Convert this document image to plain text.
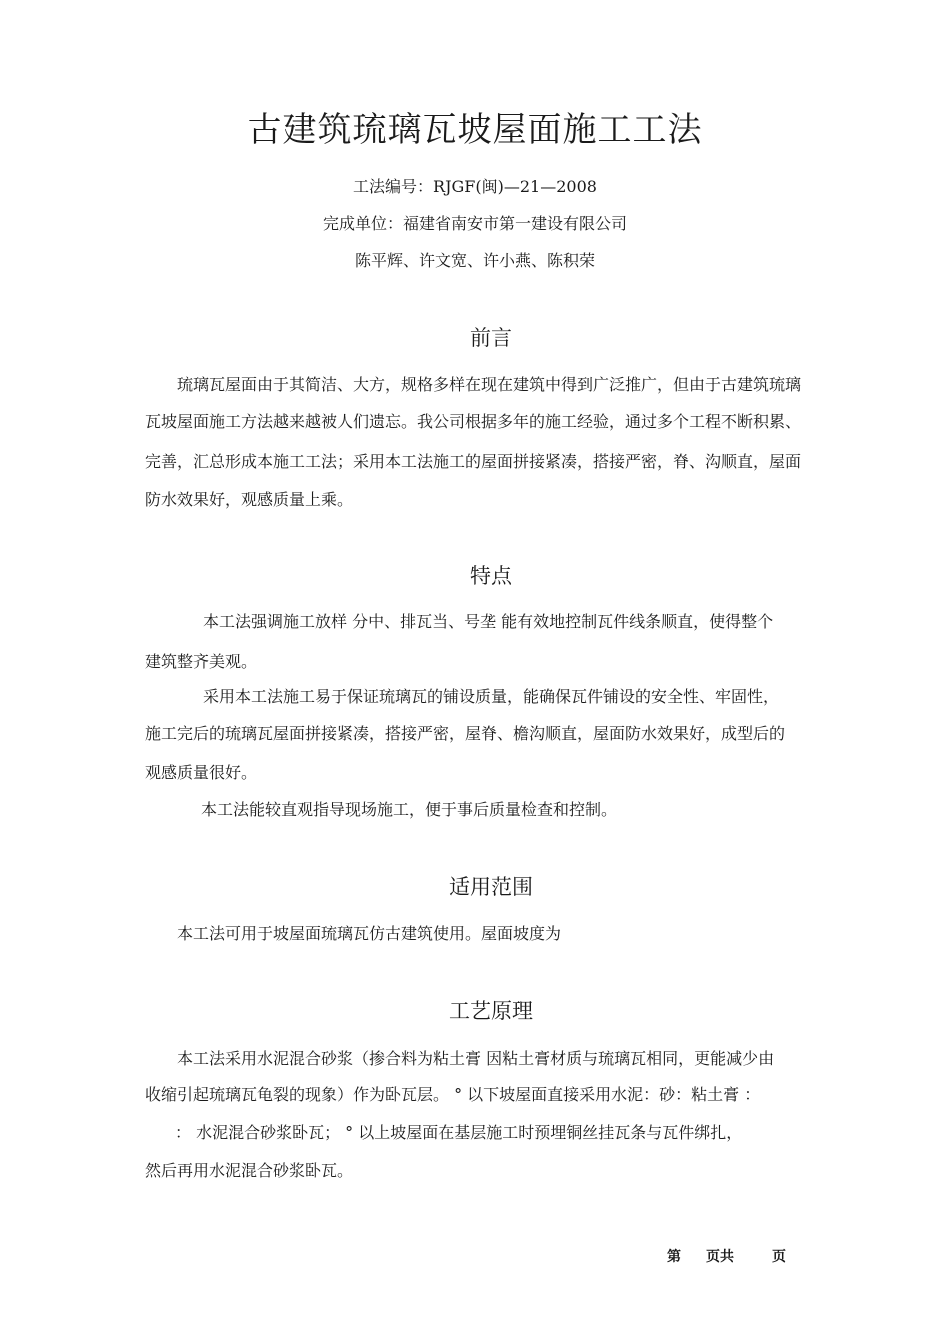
古建筑琉璃瓦坡屋面施工工法
工法编号：RJGF(闽)—21—2008
完成单位：福建省南安市第一建设有限公司
陈平辉、许文宽、许小燕、陈积荣
前言
琉璃瓦屋面由于其简洁、大方，规格多样在现在建筑中得到广泛推广，但由于古建筑琉璃
瓦坡屋面施工方法越来越被人们遗忘。我公司根据多年的施工经验，通过多个工程不断积累、
完善，汇总形成本施工工法；采用本工法施工的屋面拼接紧凑，搭接严密，脊、沟顺直，屋面
防水效果好，观感质量上乘。
特点
本工法强调施工放样 分中、排瓦当、号垄 能有效地控制瓦件线条顺直，使得整个
建筑整齐美观。
采用本工法施工易于保证琉璃瓦的铺设质量，能确保瓦件铺设的安全性、牢固性，
施工完后的琉璃瓦屋面拼接紧凑，搭接严密，屋脊、檐沟顺直，屋面防水效果好，成型后的
观感质量很好。
本工法能较直观指导现场施工，便于事后质量检查和控制。
适用范围
本工法可用于坡屋面琉璃瓦仿古建筑使用。屋面坡度为
工艺原理
本工法采用水泥混合砂浆（掺合料为粘土膏 因粘土膏材质与琉璃瓦相同，更能减少由
收缩引起琉璃瓦龟裂的现象）作为卧瓦层。 ° 以下坡屋面直接采用水泥：砂：粘土膏 ：
： 水泥混合砂浆卧瓦； ° 以上坡屋面在基层施工时预埋铜丝挂瓦条与瓦件绑扎，
然后再用水泥混合砂浆卧瓦。
第 页共	页
